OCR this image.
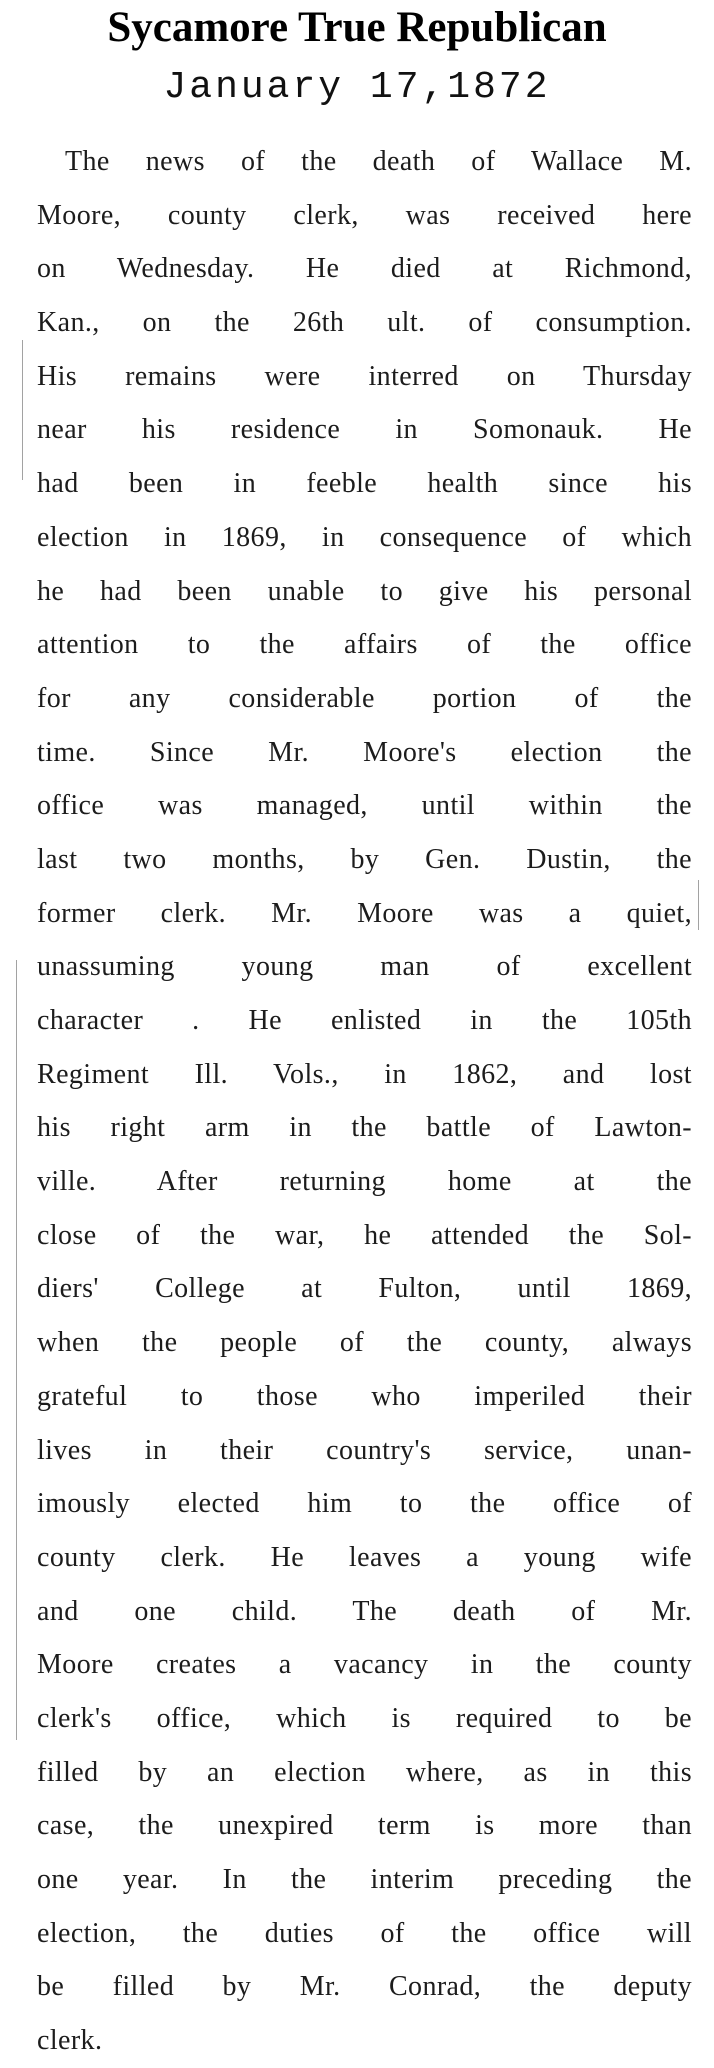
Sycamore True Republican
January 17,1872
The news of the death of Wallace M.
Moore, county clerk, was received here
on Wednesday. He died at Richmond,
Kan., on the 26th ult. of consumption.
His remains were interred on Thursday
near his residence in Somonauk. He
had been in feeble health since his
election in 1869, in consequence of which
he had been unable to give his personal
attention to the affairs of the office
for any considerable portion of the
time. Since Mr. Moore's election the
office was managed, until within the
last two months, by Gen. Dustin, the
former clerk. Mr. Moore was a quiet,
unassuming young man of excellent
character . He enlisted in the 105th
Regiment Ill. Vols., in 1862, and lost
his right arm in the battle of Lawton-
ville. After returning home at the
close of the war, he attended the Sol-
diers' College at Fulton, until 1869,
when the people of the county, always
grateful to those who imperiled their
lives in their country's service, unan-
imously elected him to the office of
county clerk. He leaves a young wife
and one child. The death of Mr.
Moore creates a vacancy in the county
clerk's office, which is required to be
filled by an election where, as in this
case, the unexpired term is more than
one year. In the interim preceding the
election, the duties of the office will
be filled by Mr. Conrad, the deputy
clerk.
